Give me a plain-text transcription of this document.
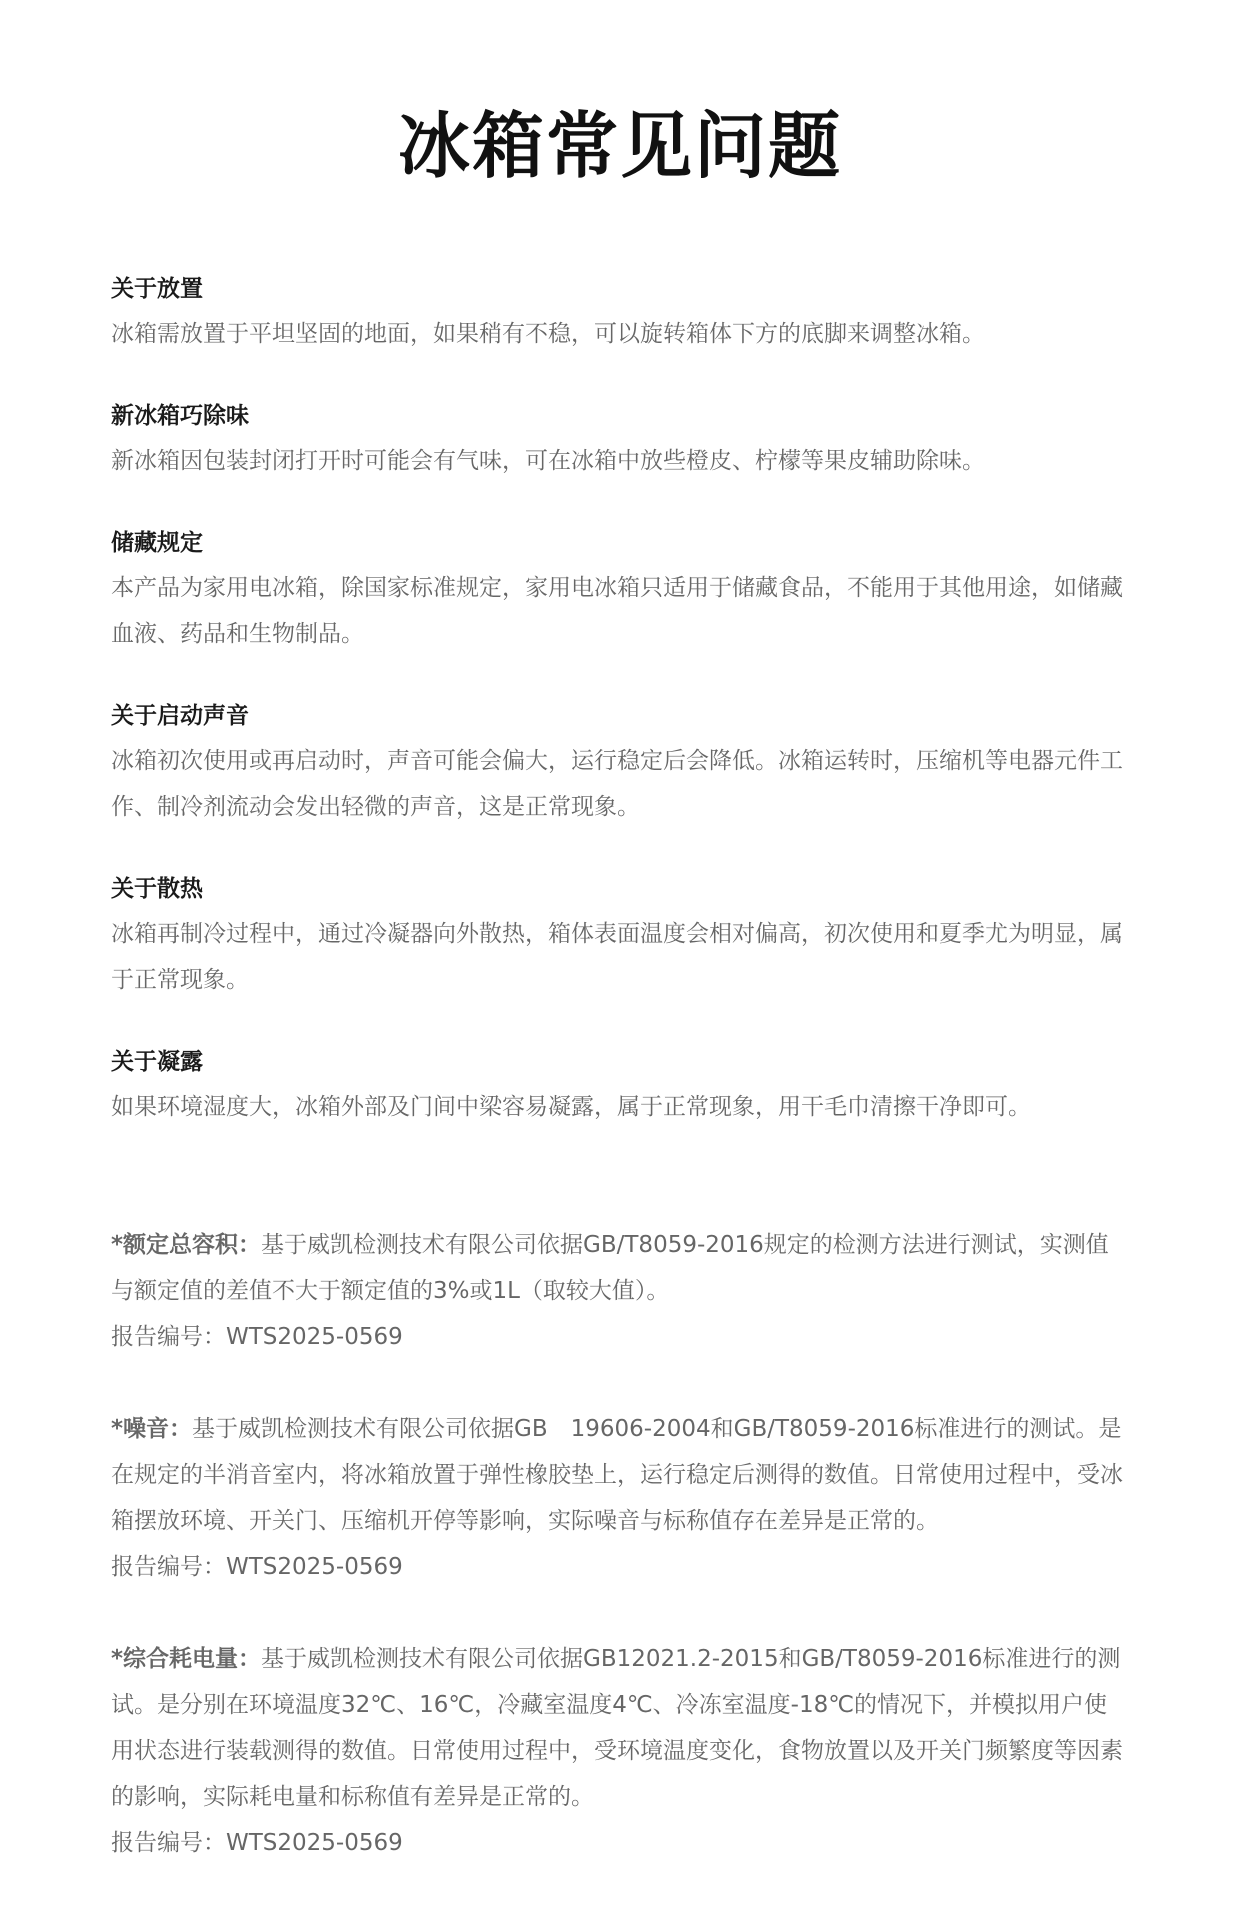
冰箱常见问题

关于放置

冰箱需放置于平坦坚固的地面，如果稍有不稳，可以旋转箱体下方的底脚来调整冰箱。

新冰箱巧除味

新冰箱因包装封闭打开时可能会有气味，可在冰箱中放些橙皮、柠檬等果皮辅助除味。

储藏规定

本产品为家用电冰箱，除国家标准规定，家用电冰箱只适用于储藏食品，不能用于其他用途，如储藏血液、药品和生物制品。

关于启动声音

冰箱初次使用或再启动时，声音可能会偏大，运行稳定后会降低。冰箱运转时，压缩机等电器元件工作、制冷剂流动会发出轻微的声音，这是正常现象。

关于散热

冰箱再制冷过程中，通过冷凝器向外散热，箱体表面温度会相对偏高，初次使用和夏季尤为明显，属于正常现象。

关于凝露

如果环境湿度大，冰箱外部及门间中梁容易凝露，属于正常现象，用干毛巾清擦干净即可。

*额定总容积：基于威凯检测技术有限公司依据GB/T8059-2016规定的检测方法进行测试，实测值与额定值的差值不大于额定值的3%或1L（取较大值）。

报告编号：WTS2025-0569

*噪音：基于威凯检测技术有限公司依据GB　19606-2004和GB/T8059-2016标准进行的测试。是在规定的半消音室内，将冰箱放置于弹性橡胶垫上，运行稳定后测得的数值。日常使用过程中，受冰箱摆放环境、开关门、压缩机开停等影响，实际噪音与标称值存在差异是正常的。

报告编号：WTS2025-0569

*综合耗电量：基于威凯检测技术有限公司依据GB12021.2-2015和GB/T8059-2016标准进行的测试。是分别在环境温度32℃、16℃，冷藏室温度4℃、冷冻室温度-18℃的情况下，并模拟用户使用状态进行装载测得的数值。日常使用过程中，受环境温度变化，食物放置以及开关门频繁度等因素的影响，实际耗电量和标称值有差异是正常的。

报告编号：WTS2025-0569
